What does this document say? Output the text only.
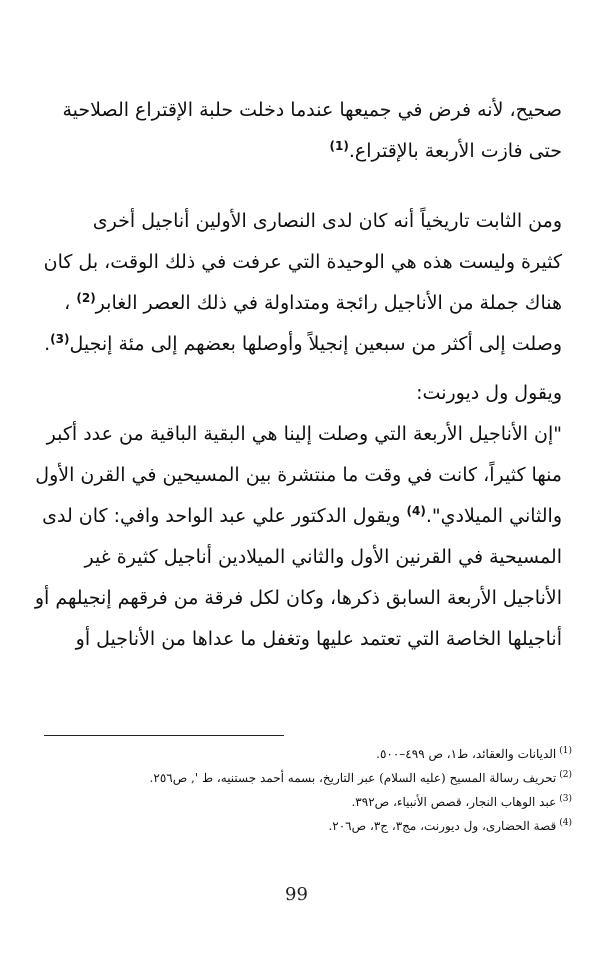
صحيح، لأنه فرض في جميعها عندما دخلت حلبة الإقتراع الصلاحية
حتى فازت الأربعة بالإقتراع.$^{(1)}$
ومن الثابت تاريخياً أنه كان لدى النصارى الأولين أناجيل أخرى
كثيرة وليست هذه هي الوحيدة التي عرفت في ذلك الوقت، بل كان
هناك جملة من الأناجيل رائجة ومتداولة في ذلك العصر الغابر$^{(2)}$ ،
وصلت إلى أكثر من سبعين إنجيلاً وأوصلها بعضهم إلى مئة إنجيل$^{(3)}$.
ويقول ول ديورنت:
"إن الأناجيل الأربعة التي وصلت إلينا هي البقية الباقية من عدد أكبر
منها كثيراً، كانت في وقت ما منتشرة بين المسيحين في القرن الأول
والثاني الميلادي".$^{(4)}$ ويقول الدكتور علي عبد الواحد وافي: كان لدى
المسيحية في القرنين الأول والثاني الميلادين أناجيل كثيرة غير
الأناجيل الأربعة السابق ذكرها، وكان لكل فرقة من فرقهم إنجيلهم أو
أناجيلها الخاصة التي تعتمد عليها وتغفل ما عداها من الأناجيل أو
$^{(1)}$الديانات والعقائد، ط١، ص ٤٩٩–٥٠٠.
$^{(2)}$تحريف رسالة المسيح (عليه السلام) عبر التاريخ، بسمه أحمد جستنيه، ط ', ص٢٥٦.
$^{(3)}$عبد الوهاب النجار، قصص الأنبياء، ص٣٩٢.
$^{(4)}$قصة الحضارى، ول ديورنت، مج٣، ج٣، ص٢٠٦.
99
